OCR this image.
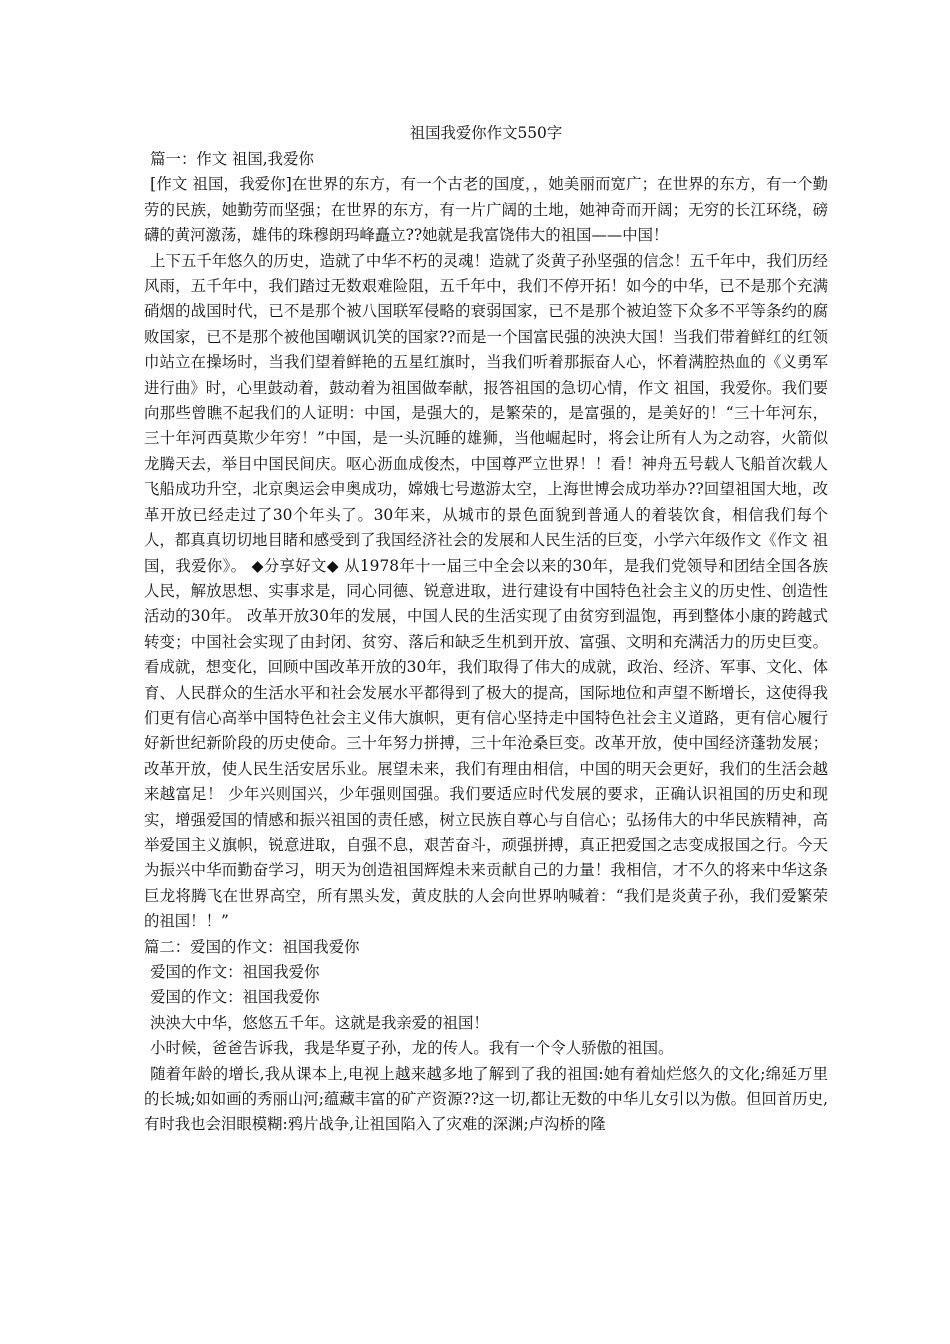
祖国我爱你作文550字

篇一：作文 祖国,我爱你

[作文 祖国，我爱你]在世界的东方，有一个古老的国度，，她美丽而宽广；在世界的东方，有一个勤劳的民族，她勤劳而坚强；在世界的东方，有一片广阔的土地，她神奇而开阔；无穷的长江环绕，磅礴的黄河激荡，雄伟的珠穆朗玛峰矗立??她就是我富饶伟大的祖国——中国！

上下五千年悠久的历史，造就了中华不朽的灵魂！造就了炎黄子孙坚强的信念！五千年中，我们历经风雨，五千年中，我们踏过无数艰难险阻，五千年中，我们不停开拓！如今的中华，已不是那个充满硝烟的战国时代，已不是那个被八国联军侵略的衰弱国家，已不是那个被迫签下众多不平等条约的腐败国家，已不是那个被他国嘲讽讥笑的国家??而是一个国富民强的泱泱大国！当我们带着鲜红的红领巾站立在操场时，当我们望着鲜艳的五星红旗时，当我们听着那振奋人心，怀着满腔热血的《义勇军进行曲》时，心里鼓动着，鼓动着为祖国做奉献，报答祖国的急切心情，作文 祖国，我爱你。我们要向那些曾瞧不起我们的人证明：中国，是强大的，是繁荣的，是富强的，是美好的！“三十年河东，三十年河西莫欺少年穷！”中国，是一头沉睡的雄狮，当他崛起时，将会让所有人为之动容，火箭似龙腾天去，举目中国民间庆。呕心沥血成俊杰，中国尊严立世界！！看！神舟五号载人飞船首次载人飞船成功升空，北京奥运会申奥成功，嫦娥七号遨游太空，上海世博会成功举办??回望祖国大地，改革开放已经走过了30个年头了。30年来，从城市的景色面貌到普通人的着装饮食，相信我们每个人，都真真切切地目睹和感受到了我国经济社会的发展和人民生活的巨变，小学六年级作文《作文 祖国，我爱你》。 ◆分享好文◆ 从1978年十一届三中全会以来的30年，是我们党领导和团结全国各族人民，解放思想、实事求是，同心同德、锐意进取，进行建设有中国特色社会主义的历史性、创造性活动的30年。 改革开放30年的发展，中国人民的生活实现了由贫穷到温饱，再到整体小康的跨越式转变；中国社会实现了由封闭、贫穷、落后和缺乏生机到开放、富强、文明和充满活力的历史巨变。看成就，想变化，回顾中国改革开放的30年，我们取得了伟大的成就，政治、经济、军事、文化、体育、人民群众的生活水平和社会发展水平都得到了极大的提高，国际地位和声望不断增长，这使得我们更有信心高举中国特色社会主义伟大旗帜，更有信心坚持走中国特色社会主义道路，更有信心履行好新世纪新阶段的历史使命。三十年努力拼搏，三十年沧桑巨变。改革开放，使中国经济蓬勃发展；改革开放，使人民生活安居乐业。展望未来，我们有理由相信，中国的明天会更好，我们的生活会越来越富足！ 少年兴则国兴，少年强则国强。我们要适应时代发展的要求，正确认识祖国的历史和现实，增强爱国的情感和振兴祖国的责任感，树立民族自尊心与自信心；弘扬伟大的中华民族精神，高举爱国主义旗帜，锐意进取，自强不息，艰苦奋斗，顽强拼搏，真正把爱国之志变成报国之行。今天为振兴中华而勤奋学习，明天为创造祖国辉煌未来贡献自己的力量！我相信，才不久的将来中华这条巨龙将腾飞在世界高空，所有黑头发，黄皮肤的人会向世界呐喊着：“我们是炎黄子孙，我们爱繁荣的祖国！！”

篇二：爱国的作文：祖国我爱你

爱国的作文：祖国我爱你

爱国的作文：祖国我爱你

泱泱大中华，悠悠五千年。这就是我亲爱的祖国！

小时候，爸爸告诉我，我是华夏子孙，龙的传人。我有一个令人骄傲的祖国。

随着年龄的增长,我从课本上,电视上越来越多地了解到了我的祖国:她有着灿烂悠久的文化;绵延万里的长城;如如画的秀丽山河;蕴藏丰富的矿产资源??这一切,都让无数的中华儿女引以为傲。但回首历史,有时我也会泪眼模糊:鸦片战争,让祖国陷入了灾难的深渊;卢沟桥的隆
